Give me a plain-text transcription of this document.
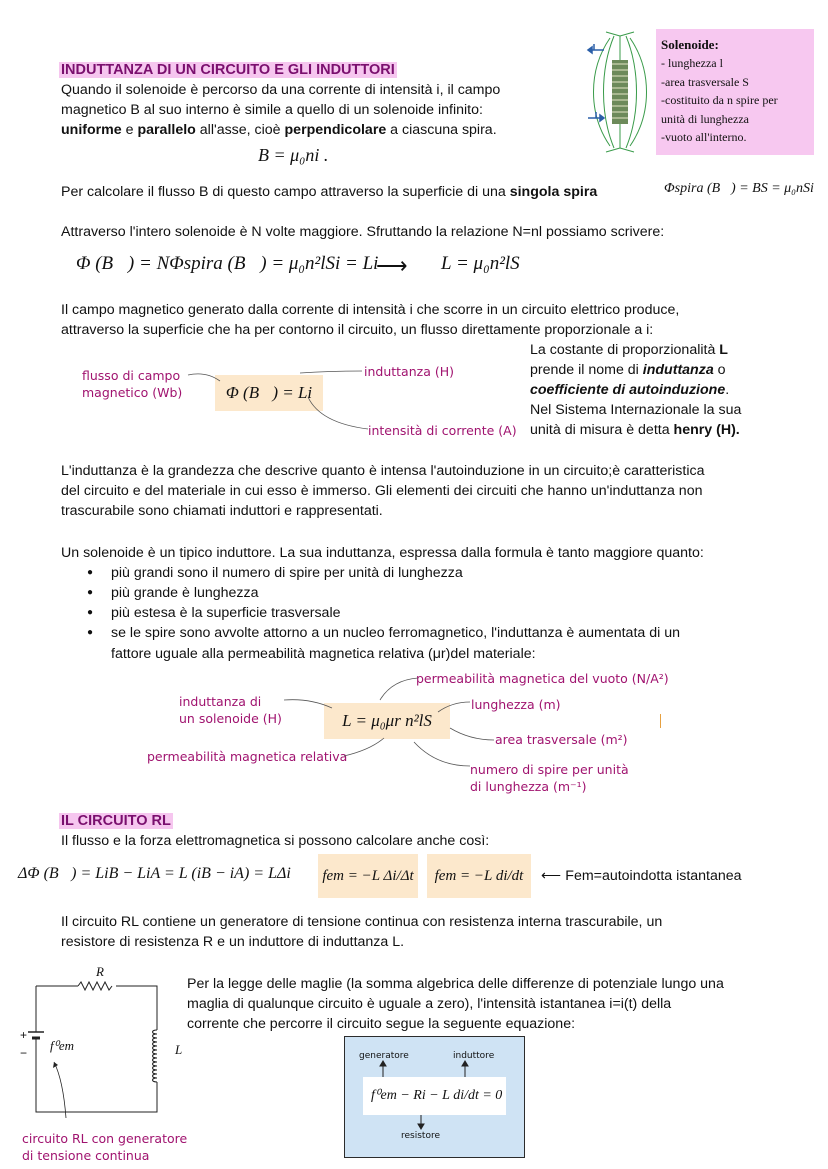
Solenoide:
- lunghezza l
-area trasversale S
-costituito da n spire per
unità di lunghezza
-vuoto all'interno.
INDUTTANZA DI UN CIRCUITO E GLI INDUTTORI
Quando il solenoide è percorso da una corrente di intensità i, il campo
magnetico B al suo interno è simile a quello di un solenoide infinito:
uniforme e parallelo all'asse, cioè perpendicolare a ciascuna spira.
B = μ₀ni .
Per calcolare il flusso B di questo campo attraverso la superficie di una singola spira	Φspira (B⃗) = BS = μ₀nSi
Attraverso l'intero solenoide è N volte maggiore. Sfruttando la relazione N=nl possiamo scrivere:
Φ (B⃗) = NΦspira (B⃗) = μ₀n²lSi = Li
⟶ L = μ₀n²lS
Il campo magnetico generato dalla corrente di intensità i che scorre in un circuito elettrico produce,
attraverso la superficie che ha per contorno il circuito, un flusso direttamente proporzionale a i:
flusso di campo magnetico (Wb)	Φ (B⃗) = Li
induttanza (H)
intensità di corrente (A)
La costante di proporzionalità L
prende il nome di induttanza o
coefficiente di autoinduzione.
Nel Sistema Internazionale la sua
unità di misura è detta henry (H).
L'induttanza è la grandezza che descrive quanto è intensa l'autoinduzione in un circuito;è caratteristica
del circuito e del materiale in cui esso è immerso. Gli elementi dei circuiti che hanno un'induttanza non
trascurabile sono chiamati induttori e rappresentati.
Un solenoide è un tipico induttore. La sua induttanza, espressa dalla formula è tanto maggiore quanto:
● più grandi sono il numero di spire per unità di lunghezza
● più grande è lunghezza
● più estesa è la superficie trasversale
● se le spire sono avvolte attorno a un nucleo ferromagnetico, l'induttanza è aumentata di un
fattore uguale alla permeabilità magnetica relativa (μr)del materiale:
permeabilità magnetica del vuoto (N/A²)
induttanza di
un solenoide (H)	L = μ₀μr n²lS
lunghezza (m)
area trasversale (m²)
permeabilità magnetica relativa
numero di spire per unità
di lunghezza (m⁻¹)
IL CIRCUITO RL
Il flusso e la forza elettromagnetica si possono calcolare anche così:
ΔΦ (B⃗) = LiB − LiA = L (iB − iA) = LΔi fem = −L Δi/Δt	fem = −L di/dt	⟵ Fem=autoindotta istantanea
Il circuito RL contiene un generatore di tensione continua con resistenza interna trascurabile, un
resistore di resistenza R e un induttore di induttanza L.
R
L
+
− f⁰em
circuito RL con generatore
di tensione continua
Per la legge delle maglie (la somma algebrica delle differenze di potenziale lungo una
maglia di qualunque circuito è uguale a zero), l'intensità istantanea i=i(t) della
corrente che percorre il circuito segue la seguente equazione:
generatore	induttore
f⁰em − Ri − L di/dt = 0
resistore
